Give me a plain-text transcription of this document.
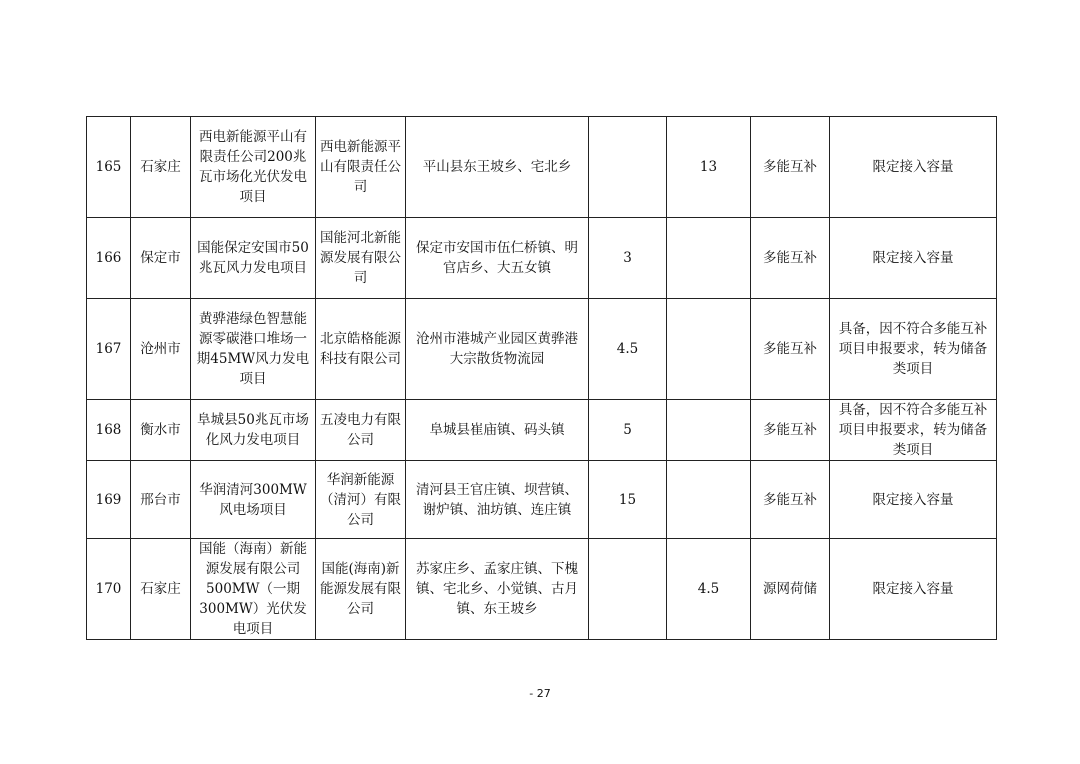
165	石家庄	西电新能源平山有限责任公司200兆瓦市场化光伏发电项目	西电新能源平山有限责任公司	平山县东王坡乡、宅北乡		13	多能互补	限定接入容量
166	保定市	国能保定安国市50兆瓦风力发电项目	国能河北新能源发展有限公司	保定市安国市伍仁桥镇、明官店乡、大五女镇	3		多能互补	限定接入容量
167	沧州市	黄骅港绿色智慧能源零碳港口堆场一期45MW风力发电项目	北京皓格能源科技有限公司	沧州市港城产业园区黄骅港大宗散货物流园	4.5		多能互补	具备，因不符合多能互补项目申报要求，转为储备类项目
168	衡水市	阜城县50兆瓦市场化风力发电项目	五凌电力有限公司	阜城县崔庙镇、码头镇	5		多能互补	具备，因不符合多能互补项目申报要求，转为储备类项目
169	邢台市	华润清河300MW风电场项目	华润新能源（清河）有限公司	清河县王官庄镇、坝营镇、谢炉镇、油坊镇、连庄镇	15		多能互补	限定接入容量
170	石家庄	国能（海南）新能源发展有限公司500MW（一期300MW）光伏发电项目	国能(海南)新能源发展有限公司	苏家庄乡、孟家庄镇、下槐镇、宅北乡、小觉镇、古月镇、东王坡乡		4.5	源网荷储	限定接入容量
- 27
